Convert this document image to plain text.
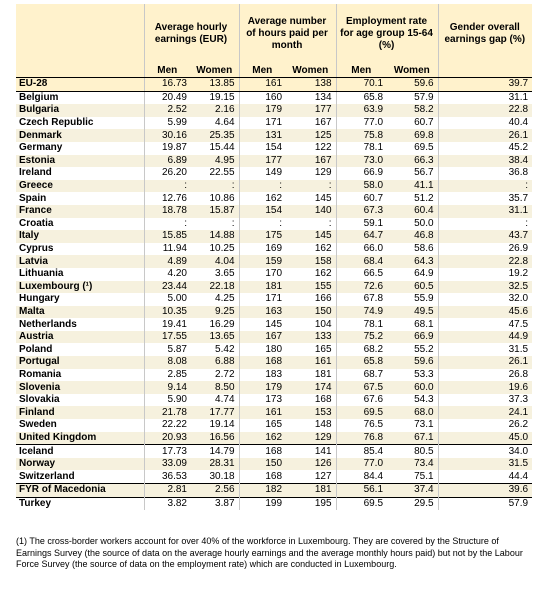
	Average hourly earnings (EUR)		Average number of hours paid per month		Employment rate for age group 15-64 (%)		Gender overall earnings gap (%)
	Men	Women	Men	Women	Men	Women	
EU-28	16.73	13.85	161	138	70.1	59.6	39.7
Belgium	20.49	19.15	160	134	65.8	57.9	31.1
Bulgaria	2.52	2.16	179	177	63.9	58.2	22.8
Czech Republic	5.99	4.64	171	167	77.0	60.7	40.4
Denmark	30.16	25.35	131	125	75.8	69.8	26.1
Germany	19.87	15.44	154	122	78.1	69.5	45.2
Estonia	6.89	4.95	177	167	73.0	66.3	38.4
Ireland	26.20	22.55	149	129	66.9	56.7	36.8
Greece	:	:	:	:	58.0	41.1	:
Spain	12.76	10.86	162	145	60.7	51.2	35.7
France	18.78	15.87	154	140	67.3	60.4	31.1
Croatia	:	:	:	:	59.1	50.0	:
Italy	15.85	14.88	175	145	64.7	46.8	43.7
Cyprus	11.94	10.25	169	162	66.0	58.6	26.9
Latvia	4.89	4.04	159	158	68.4	64.3	22.8
Lithuania	4.20	3.65	170	162	66.5	64.9	19.2
Luxembourg (¹)	23.44	22.18	181	155	72.6	60.5	32.5
Hungary	5.00	4.25	171	166	67.8	55.9	32.0
Malta	10.35	9.25	163	150	74.9	49.5	45.6
Netherlands	19.41	16.29	145	104	78.1	68.1	47.5
Austria	17.55	13.65	167	133	75.2	66.9	44.9
Poland	5.87	5.42	180	165	68.2	55.2	31.5
Portugal	8.08	6.88	168	161	65.8	59.6	26.1
Romania	2.85	2.72	183	181	68.7	53.3	26.8
Slovenia	9.14	8.50	179	174	67.5	60.0	19.6
Slovakia	5.90	4.74	173	168	67.6	54.3	37.3
Finland	21.78	17.77	161	153	69.5	68.0	24.1
Sweden	22.22	19.14	165	148	76.5	73.1	26.2
United Kingdom	20.93	16.56	162	129	76.8	67.1	45.0
Iceland	17.73	14.79	168	141	85.4	80.5	34.0
Norway	33.09	28.31	150	126	77.0	73.4	31.5
Switzerland	36.53	30.18	168	127	84.4	75.1	44.4
FYR of Macedonia	2.81	2.56	182	181	56.1	37.4	39.6
Turkey	3.82	3.87	199	195	69.5	29.5	57.9
(1) The cross-border workers account for over 40% of the workforce in Luxembourg. They are covered by the Structure of Earnings Survey (the source of data on the average hourly earnings and the average monthly hours paid) but not by the Labour Force Survey (the source of data on the employment rate) which are conducted in Luxembourg.
